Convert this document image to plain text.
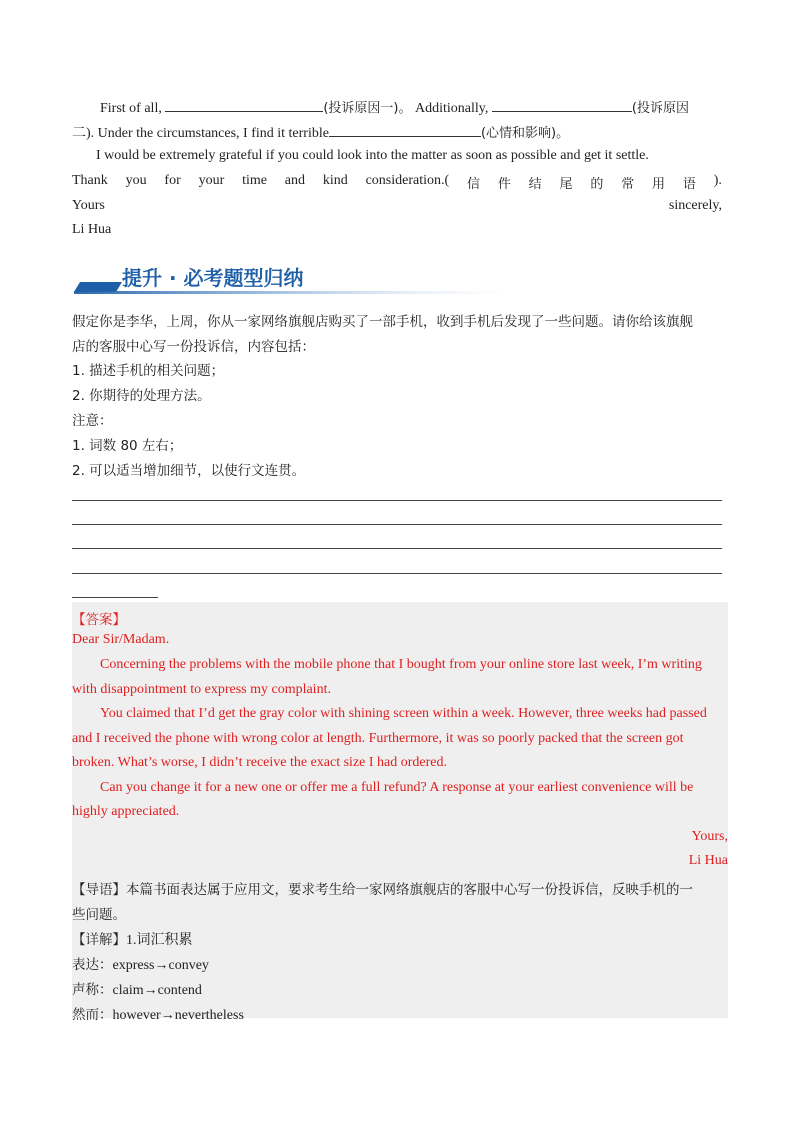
First of all,	(投诉原因一)。 Additionally,	(投诉原因
二). Under the circumstances, I find it terrible	(心情和影响)。
I would be extremely grateful if you could look into the matter as soon as possible and get it settle.
Thank you for your time and kind consideration.( 信 件 结 尾 的 常 用 语 ).
Yours	sincerely,
Li Hua
提升 · 必考题型归纳
假定你是李华，上周，你从一家网络旗舰店购买了一部手机，收到手机后发现了一些问题。请你给该旗舰
店的客服中心写一份投诉信，内容包括：
1. 描述手机的相关问题；
2. 你期待的处理方法。
注意：
1. 词数 80 左右；
2. 可以适当增加细节，以使行文连贯。
【答案】
Dear Sir/Madam.
Concerning the problems with the mobile phone that I bought from your online store last week, I’m writing
with disappointment to express my complaint.
You claimed that I’d get the gray color with shining screen within a week. However, three weeks had passed
and I received the phone with wrong color at length. Furthermore, it was so poorly packed that the screen got
broken. What’s worse, I didn’t receive the exact size I had ordered.
Can you change it for a new one or offer me a full refund? A response at your earliest convenience will be
highly appreciated.
Yours,
Li Hua
【导语】本篇书面表达属于应用文，要求考生给一家网络旗舰店的客服中心写一份投诉信，反映手机的一
些问题。
【详解】1.词汇积累
表达：express→convey
声称：claim→contend
然而：however→nevertheless
